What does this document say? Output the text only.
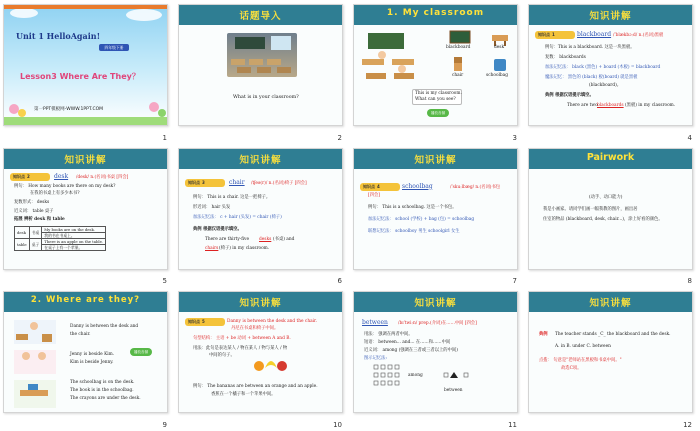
Unit 1 HelloAgain!
四年级下册
Lesson3 Where Are They？
第一PPT模板网-WWW.1PPT.COM
1
话题导入
What is in your classroom?
2
1. My classroom
blackboard	desk
chair	schoolbag
This is my classroom.
What can you see?
播放音频
3
知识讲解
知识点 1	blackboard /ˈblækbɔːd/ n.(名词)黑板
例句：This is a blackboard. 这是一块黑板。
复数： blackboards
加法记忆法： black (黑色) + board (木板) = blackboard
魔法记忆： 黑色的 (black) 板(board) 就是黑板
(blackboard)。
典例 根据汉语提示填空。
There are two blackboards (黑板) in my classroom.
4
知识讲解
知识点 2	desk /desk/ n.(名词)书桌 [四会]
例句： How many books are there on my desk?
在我的书桌上有多少本书?
复数形式： desks
近义词： table 桌子
拓展 辨析 desk 和 table
desk	书桌	My books are on the desk.
		我的书在书桌上。
table	桌子	There is an apple on the table.
		在桌子上有一个苹果。
5
知识讲解
知识点 3	chair /tʃeə(r)/ n.(名词)椅子 [四会]
例句： This is a chair. 这是一把椅子。
形近词： hair 头发
加法记忆法： c + hair (头发) = chair (椅子)
典例 根据汉语提示填空。
There are thirty-five desks (书桌) and
chairs (椅子) in my classroom.
6
知识讲解
知识点 4	schoolbag	/ˈskuːlbæɡ/ n.(名词)书包
[四会]
例句： This is a schoolbag. 这是一个书包。
加法记忆法： school (学校) + bag (包) = schoolbag
联想记忆法： schoolboy 男生 schoolgirl 女生
7
Pairwork
(动手、动口能力)
我是小画家。请同学们画一幅我教的图片，画出居
住室的物品 (blackboard, desk, chair...)，涂上好看的颜色。
8
2. Where are they?
Danny is between the desk and
the chair.
播放音频
Jenny is beside Kim.
Kim is beside Jenny.
The schoolbag is on the desk.
The book is in the schoolbag.
The crayons are under the desk.
9
知识讲解
知识点 5	Danny is between the desk and the chair.
丹尼在书桌和椅子中间。
句型结构： 主语 + be 动词 + between A and B.
用法：此句是表达某人 / 物在某人 / 物与某人 / 物
中间的句子。
例句： The bananas are between an orange and an apple.
香蕉在一个橘子和一个苹果中间。
10
知识讲解
between /bɪˈtwiːn/ prep.(介词)在……中间 [四会]
用法： 强调在两者中间。
短语： between... and... 在……和……中间
近义词： among (强调在三者或三者以上的中间)
图示记忆法:
among
between
11
知识讲解
典例 The teacher stands _C_ the blackboard and the desk.
A. in B. under C. between
点拨： 句意是"老师站在黑板和书桌中间。"
故选C项。
12
